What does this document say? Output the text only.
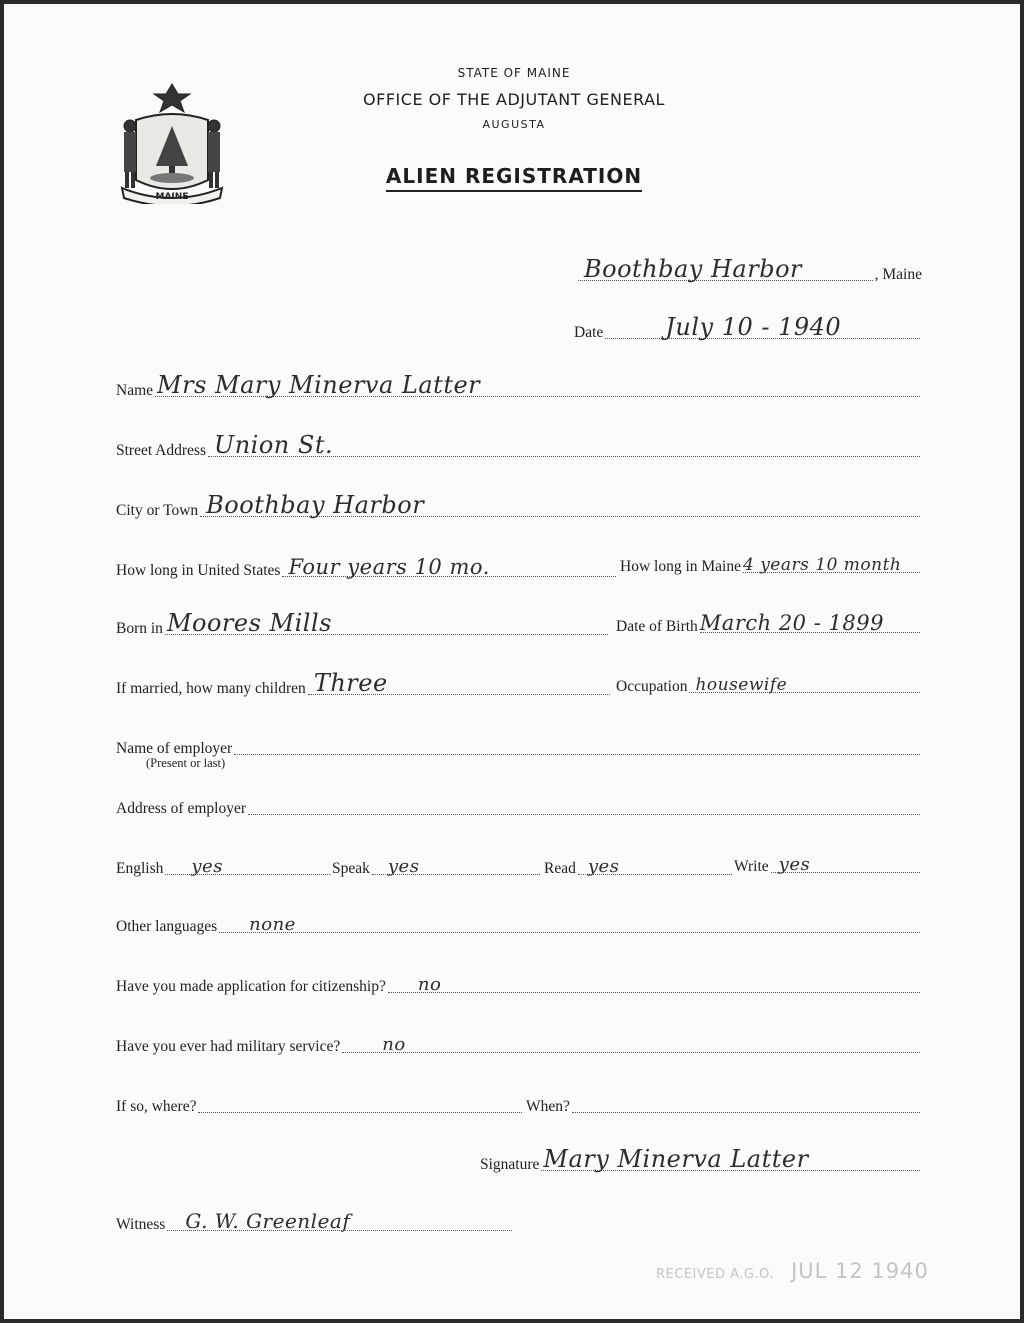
MAINE
STATE OF MAINE
OFFICE OF THE ADJUTANT GENERAL
AUGUSTA
ALIEN REGISTRATION
Boothbay Harbor	, Maine
Date	July 10 - 1940
Name Mrs Mary Minerva Latter
Street Address Union St.
City or Town Boothbay Harbor
How long in United States Four years 10 mo.	How long in Maine 4 years 10 month
Born in Moores Mills	Date of Birth March 20 - 1899
If married, how many children Three	Occupation housewife
Name of employer
(Present or last)
Address of employer
English yes	Speak yes	Read yes	Write yes
Other languages none
Have you made application for citizenship? no
Have you ever had military service? no
If so, where?	When?
Signature Mary Minerva Latter
Witness G. W. Greenleaf
RECEIVED A.G.O. JUL 12 1940
